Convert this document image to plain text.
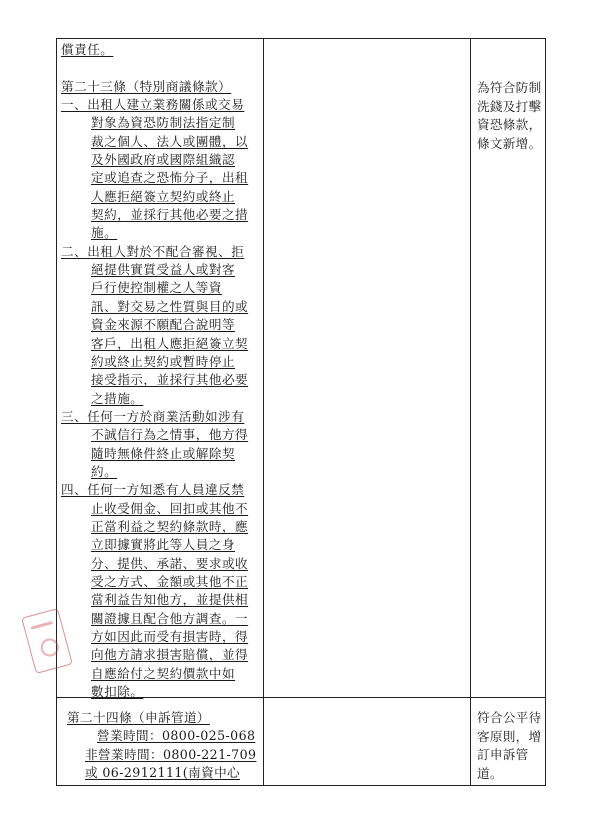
償責任。
第二十三條（特別商議條款）
一、出租人建立業務關係或交易
對象為資恐防制法指定制
裁之個人、法人或團體，以
及外國政府或國際組織認
定或追查之恐怖分子，出租
人應拒絕簽立契約或終止
契約，並採行其他必要之措
施。
二、出租人對於不配合審視、拒
絕提供實質受益人或對客
戶行使控制權之人等資
訊、對交易之性質與目的或
資金來源不願配合說明等
客戶，出租人應拒絕簽立契
約或終止契約或暫時停止
接受指示，並採行其他必要
之措施。
三、任何一方於商業活動如涉有
不誠信行為之情事，他方得
隨時無條件終止或解除契
約。
四、任何一方知悉有人員違反禁
止收受佣金、回扣或其他不
正當利益之契約條款時，應
立即據實將此等人員之身
分、提供、承諾、要求或收
受之方式、金額或其他不正
當利益告知他方，並提供相
關證據且配合他方調查。一
方如因此而受有損害時，得
向他方請求損害賠償，並得
自應給付之契約價款中如
數扣除。
第二十四條（申訴管道）
營業時間：0800-025-068
非營業時間：0800-221-709
或 06-2912111(南資中心
為符合防制
洗錢及打擊
資恐條款，
條文新增。
符合公平待
客原則，增
訂申訴管
道。
